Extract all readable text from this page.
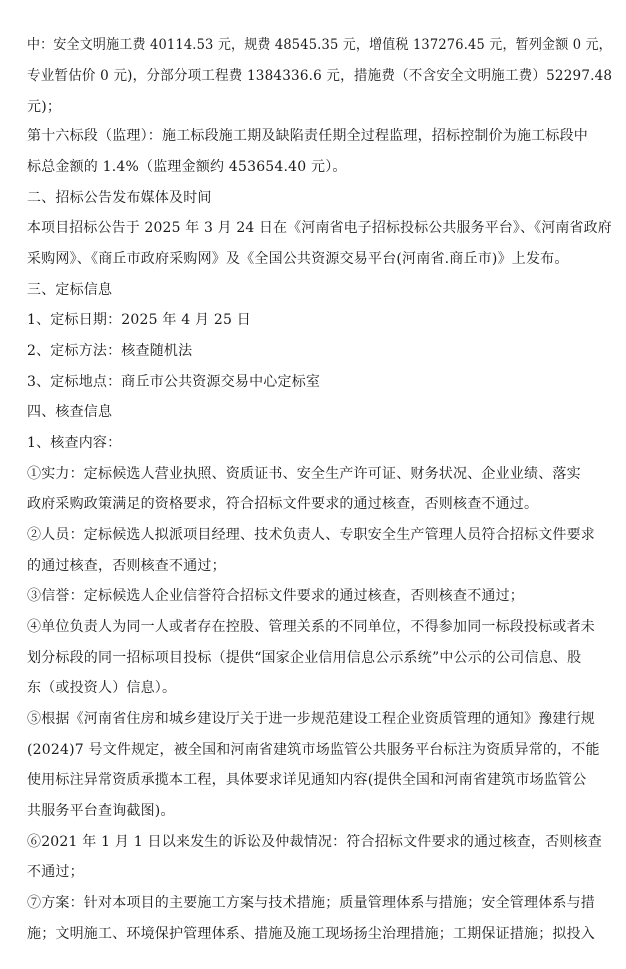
中：安全文明施工费 40114.53 元，规费 48545.35 元，增值税 137276.45 元，暂列金额 0 元，
专业暂估价 0 元)，分部分项工程费 1384336.6 元，措施费（不含安全文明施工费）52297.48
元)；
第十六标段（监理）：施工标段施工期及缺陷责任期全过程监理，招标控制价为施工标段中
标总金额的 1.4%（监理金额约 453654.40 元）。
二、招标公告发布媒体及时间
本项目招标公告于 2025 年 3 月 24 日在《河南省电子招标投标公共服务平台》、《河南省政府
采购网》、《商丘市政府采购网》及《全国公共资源交易平台(河南省.商丘市)》上发布。
三、定标信息
1、定标日期：2025 年 4 月 25 日
2、定标方法：核查随机法
3、定标地点：商丘市公共资源交易中心定标室
四、核查信息
1、核查内容：
①实力：定标候选人营业执照、资质证书、安全生产许可证、财务状况、企业业绩、落实
政府采购政策满足的资格要求，符合招标文件要求的通过核查，否则核查不通过。
②人员：定标候选人拟派项目经理、技术负责人、专职安全生产管理人员符合招标文件要求
的通过核查，否则核查不通过；
③信誉：定标候选人企业信誉符合招标文件要求的通过核查，否则核查不通过；
④单位负责人为同一人或者存在控股、管理关系的不同单位，不得参加同一标段投标或者未
划分标段的同一招标项目投标（提供“国家企业信用信息公示系统”中公示的公司信息、股
东（或投资人）信息）。
⑤根据《河南省住房和城乡建设厅关于进一步规范建设工程企业资质管理的通知》豫建行规
(2024)7 号文件规定，被全国和河南省建筑市场监管公共服务平台标注为资质异常的，不能
使用标注异常资质承揽本工程，具体要求详见通知内容(提供全国和河南省建筑市场监管公
共服务平台查询截图)。
⑥2021 年 1 月 1 日以来发生的诉讼及仲裁情况：符合招标文件要求的通过核查，否则核查
不通过；
⑦方案：针对本项目的主要施工方案与技术措施；质量管理体系与措施；安全管理体系与措
施；文明施工、环境保护管理体系、措施及施工现场扬尘治理措施；工期保证措施；拟投入
